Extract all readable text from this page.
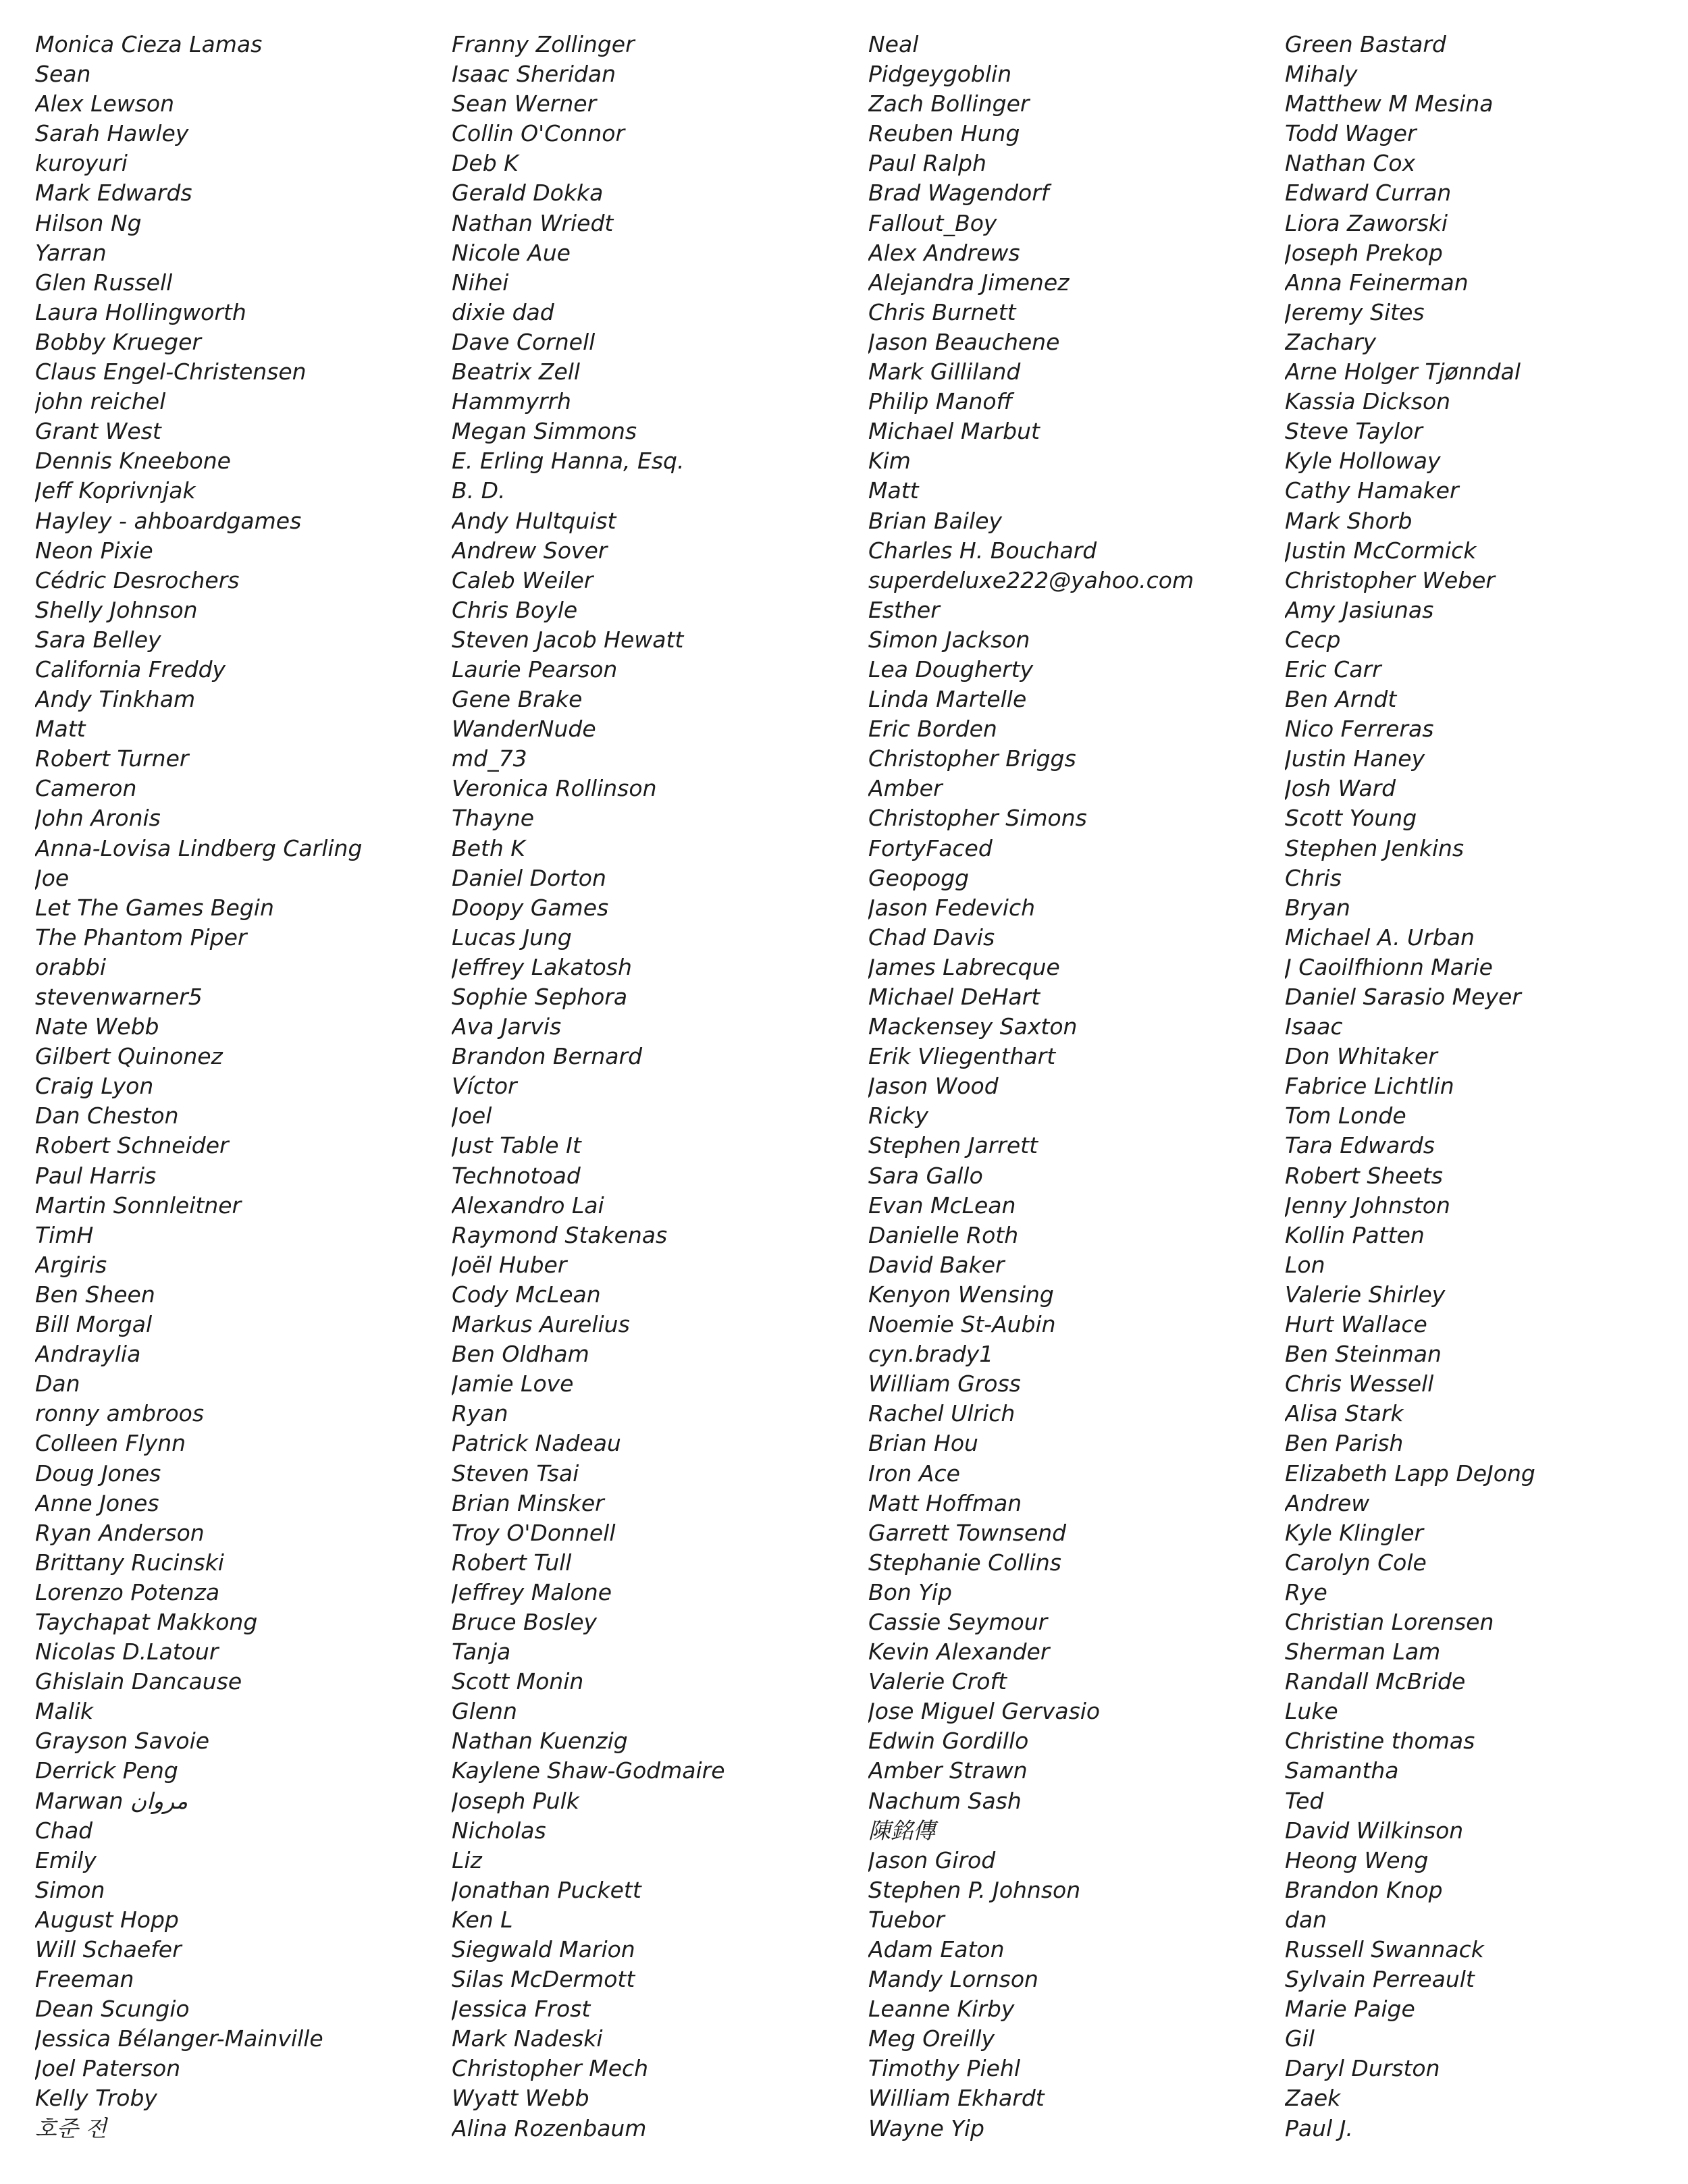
Monica Cieza Lamas
Sean
Alex Lewson
Sarah Hawley
kuroyuri
Mark Edwards
Hilson Ng
Yarran
Glen Russell
Laura Hollingworth
Bobby Krueger
Claus Engel-Christensen
john reichel
Grant West
Dennis Kneebone
Jeff Koprivnjak
Hayley - ahboardgames
Neon Pixie
Cédric Desrochers
Shelly Johnson
Sara Belley
California Freddy
Andy Tinkham
Matt
Robert Turner
Cameron
John Aronis
Anna-Lovisa Lindberg Carling
Joe
Let The Games Begin
The Phantom Piper
orabbi
stevenwarner5
Nate Webb
Gilbert Quinonez
Craig Lyon
Dan Cheston
Robert Schneider
Paul Harris
Martin Sonnleitner
TimH
Argiris
Ben Sheen
Bill Morgal
Andraylia
Dan
ronny ambroos
Colleen Flynn
Doug Jones
Anne Jones
Ryan Anderson
Brittany Rucinski
Lorenzo Potenza
Taychapat Makkong
Nicolas D.Latour
Ghislain Dancause
Malik
Grayson Savoie
Derrick Peng
Marwan مروان
Chad
Emily
Simon
August Hopp
Will Schaefer
Freeman
Dean Scungio
Jessica Bélanger-Mainville
Joel Paterson
Kelly Troby
호준 전
Franny Zollinger
Isaac Sheridan
Sean Werner
Collin O'Connor
Deb K
Gerald Dokka
Nathan Wriedt
Nicole Aue
Nihei
dixie dad
Dave Cornell
Beatrix Zell
Hammyrrh
Megan Simmons
E. Erling Hanna, Esq.
B. D.
Andy Hultquist
Andrew Sover
Caleb Weiler
Chris Boyle
Steven Jacob Hewatt
Laurie Pearson
Gene Brake
WanderNude
md_73
Veronica Rollinson
Thayne
Beth K
Daniel Dorton
Doopy Games
Lucas Jung
Jeffrey Lakatosh
Sophie Sephora
Ava Jarvis
Brandon Bernard
Víctor
Joel
Just Table It
Technotoad
Alexandro Lai
Raymond Stakenas
Joël Huber
Cody McLean
Markus Aurelius
Ben Oldham
Jamie Love
Ryan
Patrick Nadeau
Steven Tsai
Brian Minsker
Troy O'Donnell
Robert Tull
Jeffrey Malone
Bruce Bosley
Tanja
Scott Monin
Glenn
Nathan Kuenzig
Kaylene Shaw-Godmaire
Joseph Pulk
Nicholas
Liz
Jonathan Puckett
Ken L
Siegwald Marion
Silas McDermott
Jessica Frost
Mark Nadeski
Christopher Mech
Wyatt Webb
Alina Rozenbaum
Neal
Pidgeygoblin
Zach Bollinger
Reuben Hung
Paul Ralph
Brad Wagendorf
Fallout_Boy
Alex Andrews
Alejandra Jimenez
Chris Burnett
Jason Beauchene
Mark Gilliland
Philip Manoff
Michael Marbut
Kim
Matt
Brian Bailey
Charles H. Bouchard
superdeluxe222@yahoo.com
Esther
Simon Jackson
Lea Dougherty
Linda Martelle
Eric Borden
Christopher Briggs
Amber
Christopher Simons
FortyFaced
Geopogg
Jason Fedevich
Chad Davis
James Labrecque
Michael DeHart
Mackensey Saxton
Erik Vliegenthart
Jason Wood
Ricky
Stephen Jarrett
Sara Gallo
Evan McLean
Danielle Roth
David Baker
Kenyon Wensing
Noemie St-Aubin
cyn.brady1
William Gross
Rachel Ulrich
Brian Hou
Iron Ace
Matt Hoffman
Garrett Townsend
Stephanie Collins
Bon Yip
Cassie Seymour
Kevin Alexander
Valerie Croft
Jose Miguel Gervasio
Edwin Gordillo
Amber Strawn
Nachum Sash
陳銘傳
Jason Girod
Stephen P. Johnson
Tuebor
Adam Eaton
Mandy Lornson
Leanne Kirby
Meg Oreilly
Timothy Piehl
William Ekhardt
Wayne Yip
Green Bastard
Mihaly
Matthew M Mesina
Todd Wager
Nathan Cox
Edward Curran
Liora Zaworski
Joseph Prekop
Anna Feinerman
Jeremy Sites
Zachary
Arne Holger Tjønndal
Kassia Dickson
Steve Taylor
Kyle Holloway
Cathy Hamaker
Mark Shorb
Justin McCormick
Christopher Weber
Amy Jasiunas
Cecp
Eric Carr
Ben Arndt
Nico Ferreras
Justin Haney
Josh Ward
Scott Young
Stephen Jenkins
Chris
Bryan
Michael A. Urban
J Caoilfhionn Marie
Daniel Sarasio Meyer
Isaac
Don Whitaker
Fabrice Lichtlin
Tom Londe
Tara Edwards
Robert Sheets
Jenny Johnston
Kollin Patten
Lon
Valerie Shirley
Hurt Wallace
Ben Steinman
Chris Wessell
Alisa Stark
Ben Parish
Elizabeth Lapp DeJong
Andrew
Kyle Klingler
Carolyn Cole
Rye
Christian Lorensen
Sherman Lam
Randall McBride
Luke
Christine thomas
Samantha
Ted
David Wilkinson
Heong Weng
Brandon Knop
dan
Russell Swannack
Sylvain Perreault
Marie Paige
Gil
Daryl Durston
Zaek
Paul J.
